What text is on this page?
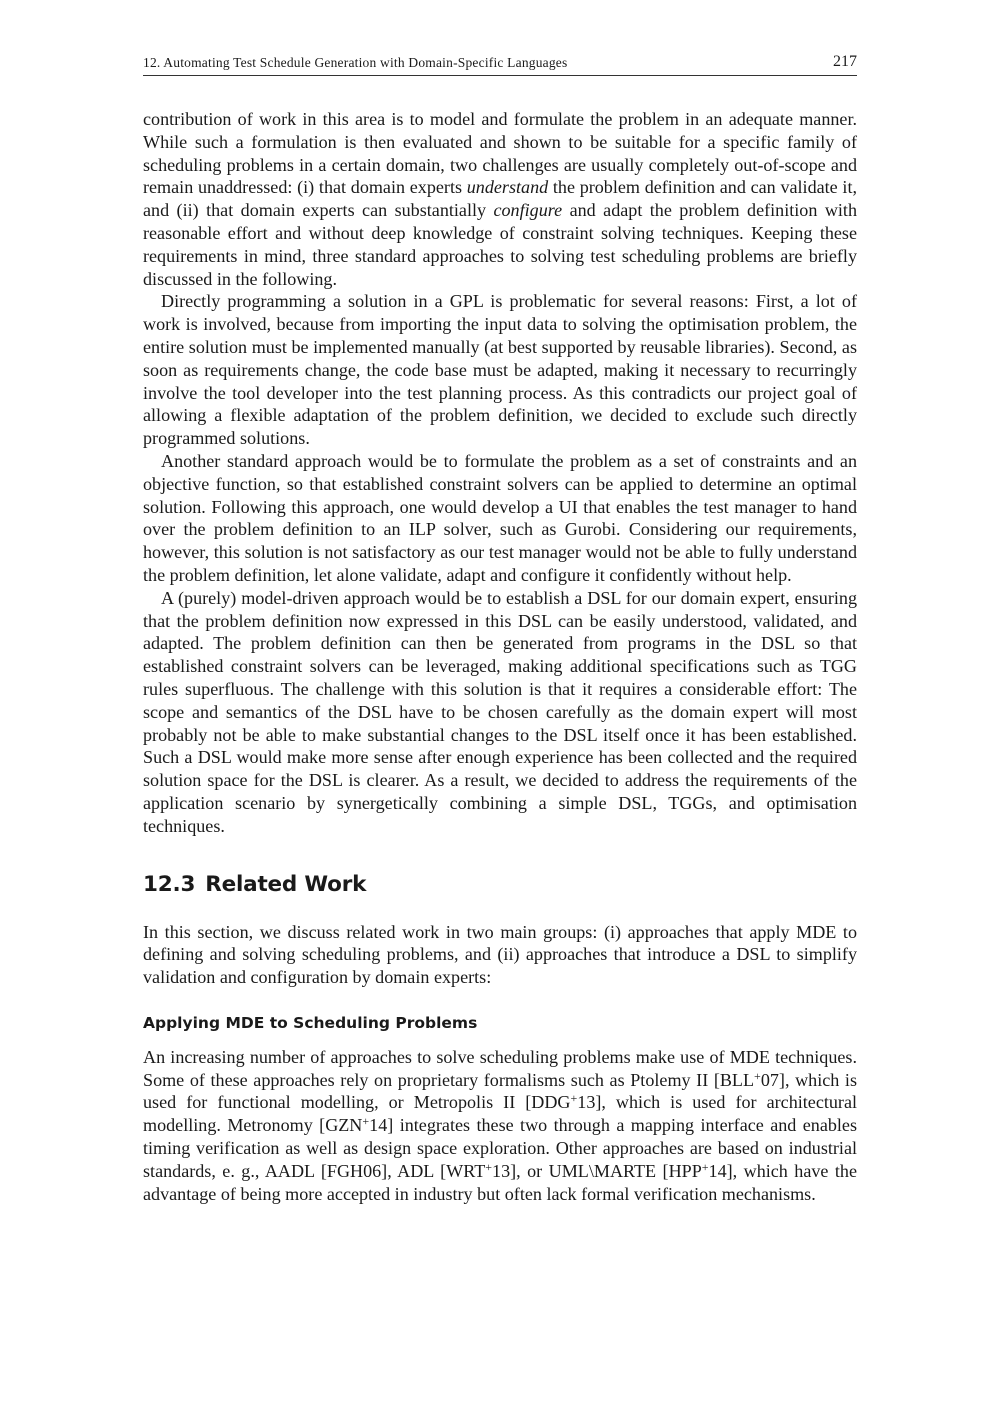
12. Automating Test Schedule Generation with Domain-Specific Languages	217

contribution of work in this area is to model and formulate the problem in an adequate manner. While such a formulation is then evaluated and shown to be suitable for a specific family of scheduling problems in a certain domain, two challenges are usually completely out-of-scope and remain unaddressed: (i) that domain experts understand the problem definition and can validate it, and (ii) that domain experts can substantially configure and adapt the problem definition with reasonable effort and without deep knowledge of constraint solving techniques. Keeping these requirements in mind, three standard approaches to solving test scheduling problems are briefly discussed in the following.

Directly programming a solution in a GPL is problematic for several reasons: First, a lot of work is involved, because from importing the input data to solving the optimisation problem, the entire solution must be implemented manually (at best supported by reusable libraries). Second, as soon as requirements change, the code base must be adapted, making it necessary to recurringly involve the tool developer into the test planning process. As this contradicts our project goal of allowing a flexible adaptation of the problem definition, we decided to exclude such directly programmed solutions.

Another standard approach would be to formulate the problem as a set of constraints and an objective function, so that established constraint solvers can be applied to determine an optimal solution. Following this approach, one would develop a UI that enables the test manager to hand over the problem definition to an ILP solver, such as Gurobi. Considering our requirements, however, this solution is not satisfactory as our test manager would not be able to fully understand the problem definition, let alone validate, adapt and configure it confidently without help.

A (purely) model-driven approach would be to establish a DSL for our domain expert, ensuring that the problem definition now expressed in this DSL can be easily understood, validated, and adapted. The problem definition can then be generated from programs in the DSL so that established constraint solvers can be leveraged, making additional specifications such as TGG rules superfluous. The challenge with this solution is that it requires a considerable effort: The scope and semantics of the DSL have to be chosen carefully as the domain expert will most probably not be able to make substantial changes to the DSL itself once it has been established. Such a DSL would make more sense after enough experience has been collected and the required solution space for the DSL is clearer. As a result, we decided to address the requirements of the application scenario by synergetically combining a simple DSL, TGGs, and optimisation techniques.

12.3 Related Work

In this section, we discuss related work in two main groups: (i) approaches that apply MDE to defining and solving scheduling problems, and (ii) approaches that introduce a DSL to simplify validation and configuration by domain experts:

Applying MDE to Scheduling Problems

An increasing number of approaches to solve scheduling problems make use of MDE techniques. Some of these approaches rely on proprietary formalisms such as Ptolemy II [BLL+07], which is used for functional modelling, or Metropolis II [DDG+13], which is used for architectural modelling. Metronomy [GZN+14] integrates these two through a mapping interface and enables timing verification as well as design space exploration. Other approaches are based on industrial standards, e. g., AADL [FGH06], ADL [WRT+13], or UML\MARTE [HPP+14], which have the advantage of being more accepted in industry but often lack formal verification mechanisms.
